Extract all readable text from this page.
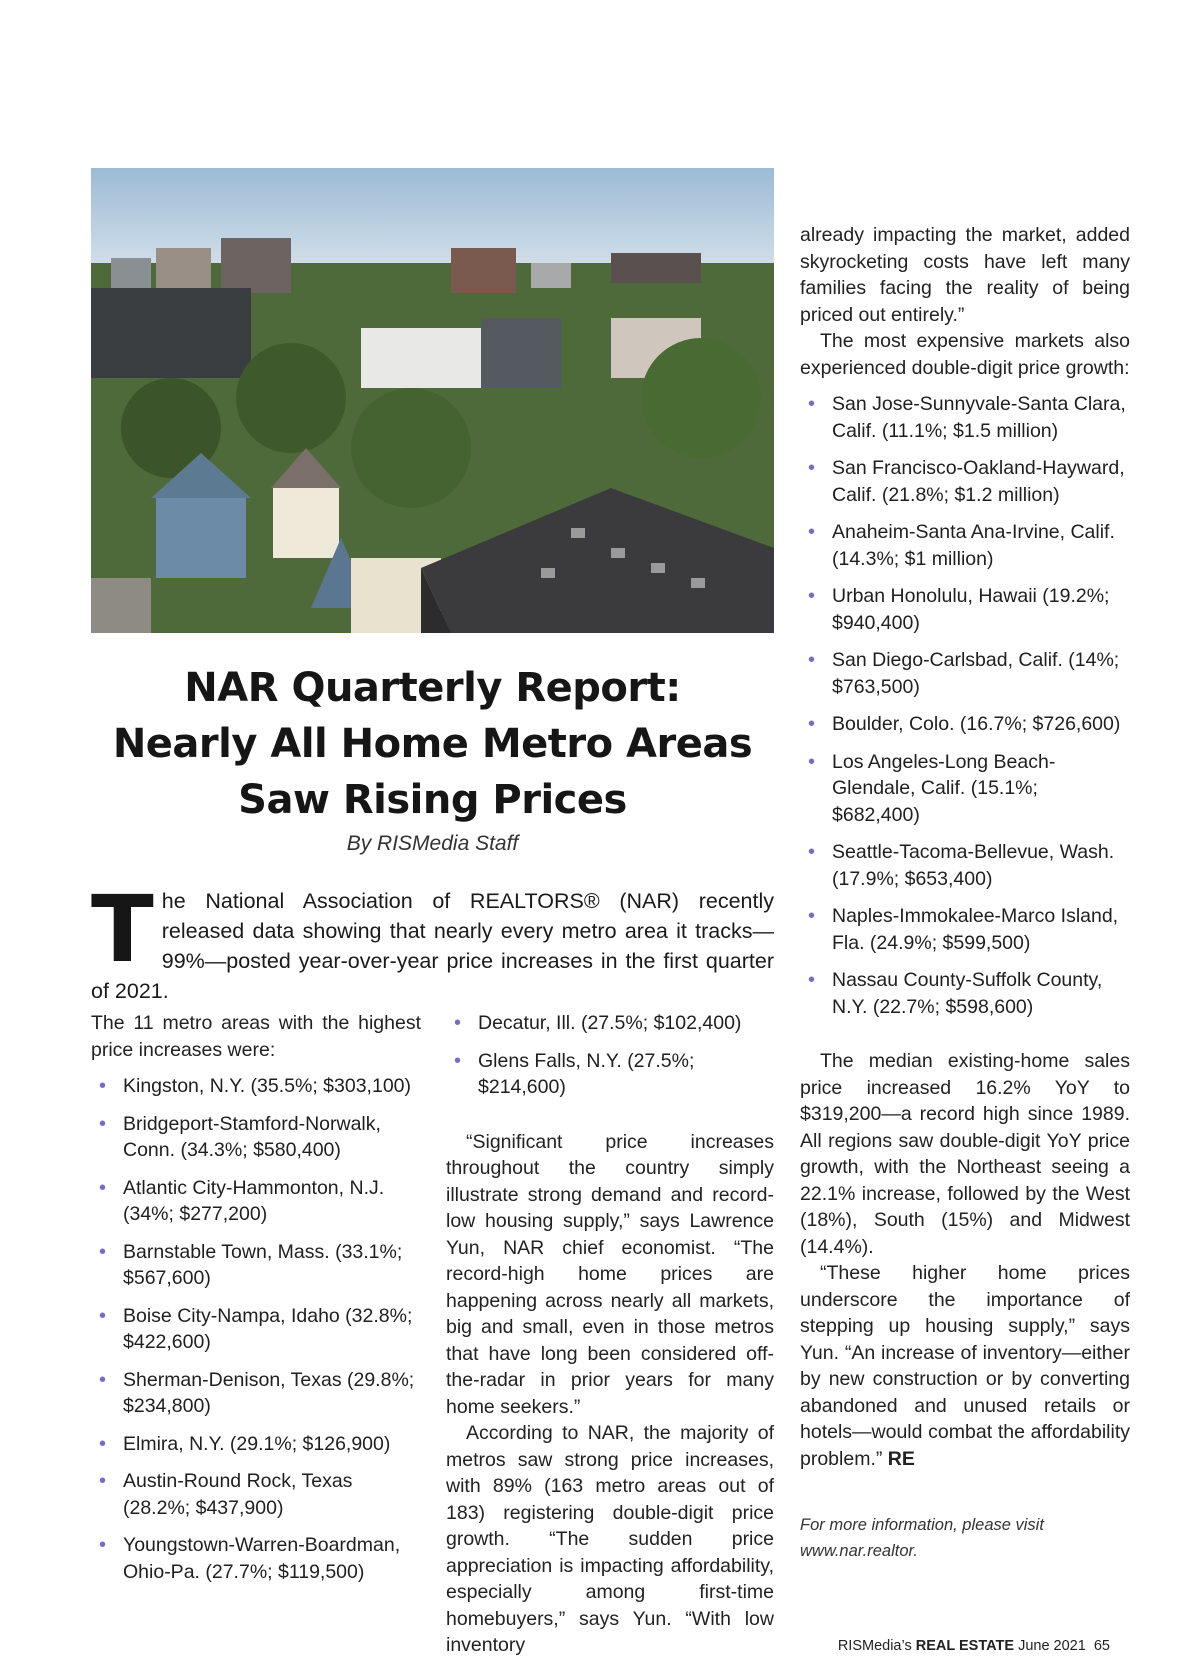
NAR Quarterly Report:
Nearly All Home Metro Areas
Saw Rising Prices
By RISMedia Staff
The National Association of REALTORS® (NAR) recently released data showing that nearly every metro area it tracks—99%—posted year-over-year price increases in the first quarter of 2021.

The 11 metro areas with the highest price increases were:

• Kingston, N.Y. (35.5%; $303,100)
• Bridgeport-Stamford-Norwalk, Conn. (34.3%; $580,400)
• Atlantic City-Hammonton, N.J. (34%; $277,200)
• Barnstable Town, Mass. (33.1%; $567,600)
• Boise City-Nampa, Idaho (32.8%; $422,600)
• Sherman-Denison, Texas (29.8%; $234,800)
• Elmira, N.Y. (29.1%; $126,900)
• Austin-Round Rock, Texas (28.2%; $437,900)
• Youngstown-Warren-Boardman, Ohio-Pa. (27.7%; $119,500)
• Decatur, Ill. (27.5%; $102,400)
• Glens Falls, N.Y. (27.5%; $214,600)

“Significant price increases throughout the country simply illustrate strong demand and record-low housing supply,” says Lawrence Yun, NAR chief economist. “The record-high home prices are happening across nearly all markets, big and small, even in those metros that have long been considered off-the-radar in prior years for many home seekers.”

According to NAR, the majority of metros saw strong price increases, with 89% (163 metro areas out of 183) registering double-digit price growth. “The sudden price appreciation is impacting affordability, especially among first-time homebuyers,” says Yun. “With low inventory

already impacting the market, added skyrocketing costs have left many families facing the reality of being priced out entirely.”

The most expensive markets also experienced double-digit price growth:

• San Jose-Sunnyvale-Santa Clara, Calif. (11.1%; $1.5 million)
• San Francisco-Oakland-Hayward, Calif. (21.8%; $1.2 million)
• Anaheim-Santa Ana-Irvine, Calif. (14.3%; $1 million)
• Urban Honolulu, Hawaii (19.2%; $940,400)
• San Diego-Carlsbad, Calif. (14%; $763,500)
• Boulder, Colo. (16.7%; $726,600)
• Los Angeles-Long Beach-Glendale, Calif. (15.1%; $682,400)
• Seattle-Tacoma-Bellevue, Wash. (17.9%; $653,400)
• Naples-Immokalee-Marco Island, Fla. (24.9%; $599,500)
• Nassau County-Suffolk County, N.Y. (22.7%; $598,600)

The median existing-home sales price increased 16.2% YoY to $319,200—a record high since 1989. All regions saw double-digit YoY price growth, with the Northeast seeing a 22.1% increase, followed by the West (18%), South (15%) and Midwest (14.4%).

“These higher home prices underscore the importance of stepping up housing supply,” says Yun. “An increase of inventory—either by new construction or by converting abandoned and unused retails or hotels—would combat the affordability problem.” RE

For more information, please visit
www.nar.realtor.

RISMedia’s REAL ESTATE June 2021 65
